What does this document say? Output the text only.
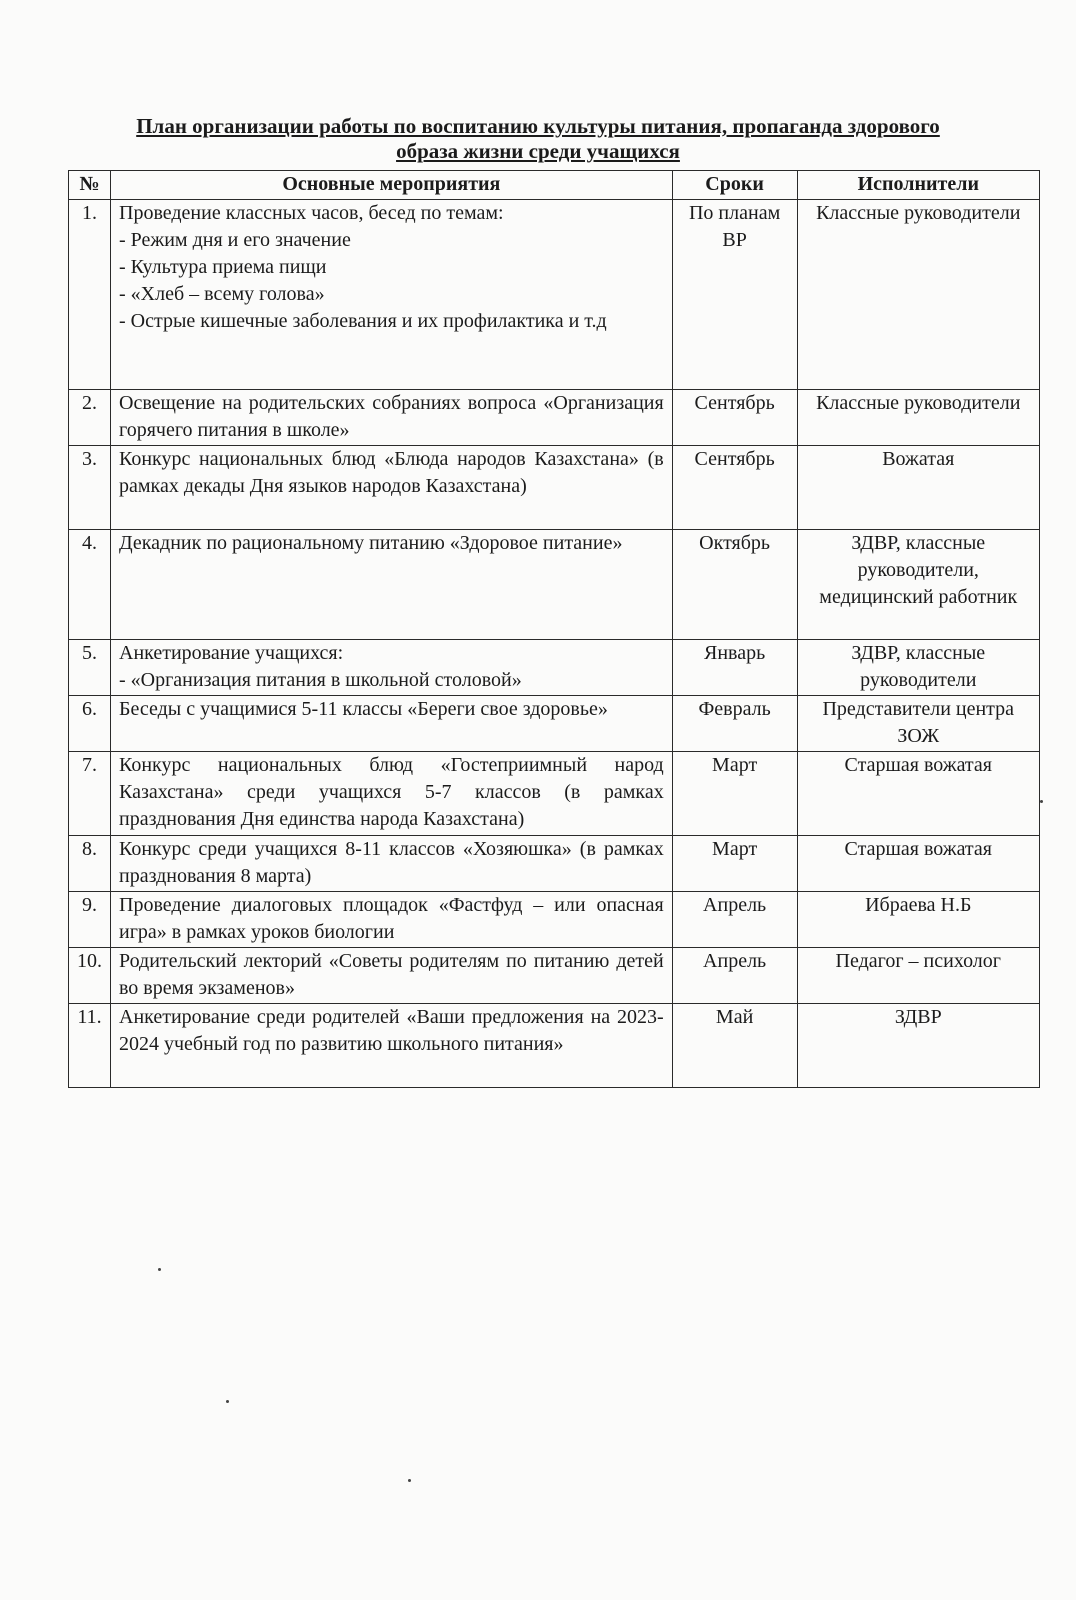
План организации работы по воспитанию культуры питания, пропаганда здорового
образа жизни среди учащихся
№	Основные мероприятия	Сроки	Исполнители
1.	Проведение классных часов, бесед по темам:
- Режим дня и его значение
- Культура приема пищи
- «Хлеб – всему голова»
- Острые кишечные заболевания и их профилактика и т.д	По планам ВР	Классные руководители
2.	Освещение на родительских собраниях вопроса «Организация горячего питания в школе»	Сентябрь	Классные руководители
3.	Конкурс национальных блюд «Блюда народов Казахстана» (в рамках декады Дня языков народов Казахстана)	Сентябрь	Вожатая
4.	Декадник по рациональному питанию «Здоровое питание»	Октябрь	ЗДВР, классные руководители, медицинский работник
5.	Анкетирование учащихся:
- «Организация питания в школьной столовой»	Январь	ЗДВР, классные руководители
6.	Беседы с учащимися 5-11 классы «Береги свое здоровье»	Февраль	Представители центра ЗОЖ
7.	Конкурс национальных блюд «Гостеприимный народ Казахстана» среди учащихся 5-7 классов (в рамках празднования Дня единства народа Казахстана)	Март	Старшая вожатая
8.	Конкурс среди учащихся 8-11 классов «Хозяюшка» (в рамках празднования 8 марта)	Март	Старшая вожатая
9.	Проведение диалоговых площадок «Фастфуд – или опасная игра» в рамках уроков биологии	Апрель	Ибраева Н.Б
10.	Родительский лекторий «Советы родителям по питанию детей во время экзаменов»	Апрель	Педагог – психолог
11.	Анкетирование среди родителей «Ваши предложения на 2023-2024 учебный год по развитию школьного питания»	Май	ЗДВР
